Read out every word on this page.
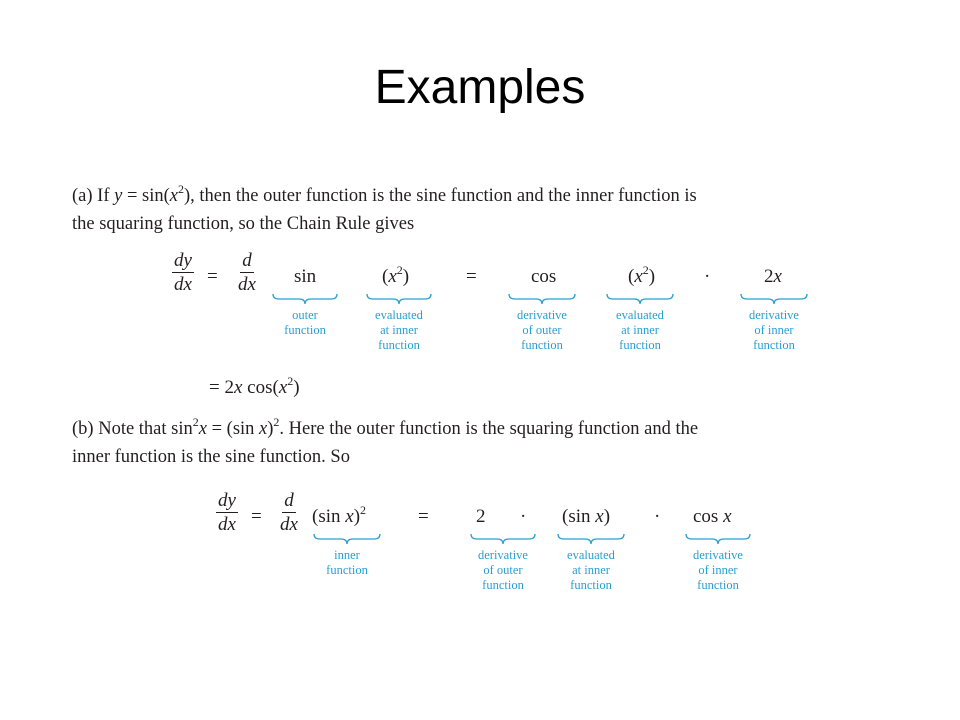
Examples
(a) If $y = \sin(x^2)$, then the outer function is the sine function and the inner function is
the squaring function, so the Chain Rule gives
$\frac{dy}{dx} = \frac{d}{dx}$ sin	$(x^2)$	=	cos	$(x^2)$	·	2x
outer
function
evaluated
at inner
function
derivative
of outer
function
evaluated
at inner
function
derivative
of inner
function
= 2x $\cos(x^2)$
(b) Note that $\sin^2x = (\sin$ x)$^2$. Here the outer function is the squaring function and the
inner function is the sine function. So
$\frac{dy}{dx} = \frac{d}{dx} (\sin$ x)$^2$	= 2 · (sin x) · cos x
inner
function
derivative
of outer
function
evaluated
at inner
function
derivative
of inner
function
